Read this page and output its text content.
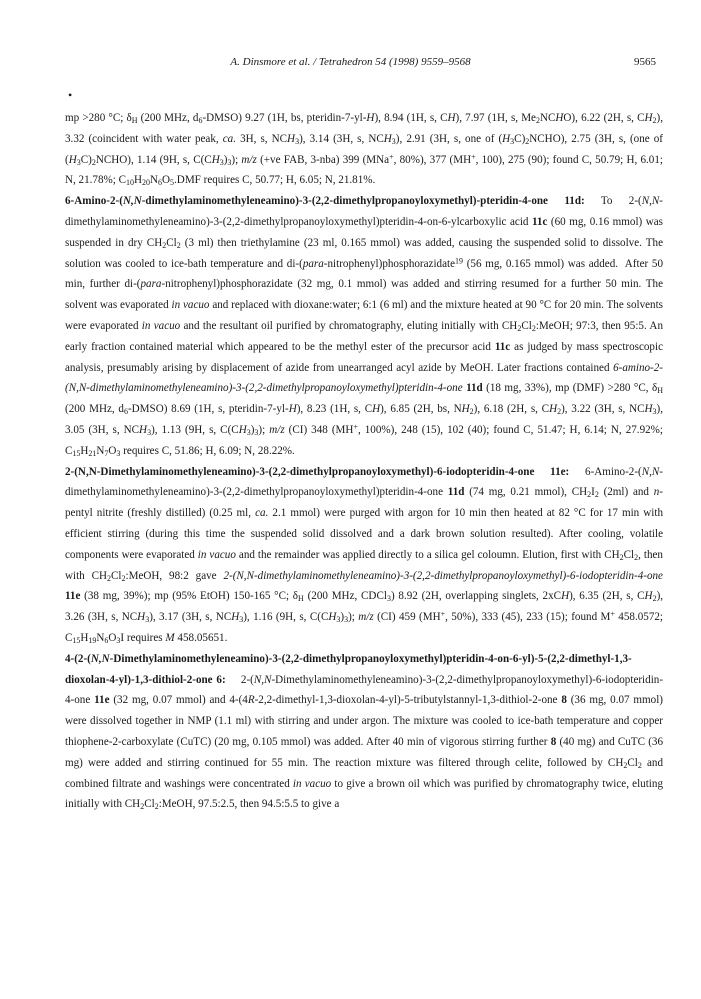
A. Dinsmore et al. / Tetrahedron 54 (1998) 9559–9568	9565
•

mp >280 °C; $\delta_H$ (200 MHz, $d_6-DMSO$) 9.27 (1H, bs, pteridin-7-yl-H), 8.94 (1H, s, CH), 7.97 (1H, s, $Me_2NCHO$), 6.22 (2H, s, $CH_2$), 3.32 (coincident with water peak, ca. 3H, s, $NCH_3$), 3.14 (3H, s, $NCH_3$), 2.91 (3H, s, one of $(H_3C)_2NCHO$), 2.75 (3H, s, (one of $(H_3C)_2NCHO$), 1.14 (9H, s, $C(CH_3)_3$); m/z (+ve FAB, 3-nba) 399 (MNa+, 80%), 377 (MH+, 100), 275 (90); found C, 50.79; H, 6.01; N, 21.78%; $C_{10}H_{20}N_6O_5.DMF$ requires C, 50.77; H, 6.05; N, 21.81%.

6-Amino-2-(N,N-dimethylaminomethyleneamino)-3-(2,2-dimethylpropanoyloxymethyl)-pteridin-4-one 11d: To 2-(N,N-dimethylaminomethyleneamino)-3-(2,2-dimethylpropanoyloxymethyl)pteridin-4-on-6-ylcarboxylic acid 11c (60 mg, 0.16 mmol) was suspended in dry $CH_2Cl_2$ (3 ml) then triethylamine (23 ml, 0.165 mmol) was added, causing the suspended solid to dissolve. The solution was cooled to ice-bath temperature and di-(para-nitrophenyl)phosphorazidate$^{19}$ (56 mg, 0.165 mmol) was added.  After 50 min, further di-(para-nitrophenyl)phosphorazidate (32 mg, 0.1 mmol) was added and stirring resumed for a further 50 min. The solvent was evaporated in vacuo and replaced with dioxane:water; 6:1 (6 ml) and the mixture heated at 90 °C for 20 min. The solvents were evaporated in vacuo and the resultant oil purified by chromatography, eluting initially with $CH_2Cl_2:MeOH$; 97:3, then 95:5. An early fraction contained material which appeared to be the methyl ester of the precursor acid 11c as judged by mass spectroscopic analysis, presumably arising by displacement of azide from unearranged acyl azide by MeOH. Later fractions contained 6-amino-2-(N,N-dimethylaminomethyleneamino)-3-(2,2-dimethylpropanoyloxymethyl)pteridin-4-one 11d (18 mg, 33%), mp (DMF) >280 °C, $\delta_H$ (200 MHz, $d_6-DMSO$) 8.69 (1H, s, pteridin-7-yl-H), 8.23 (1H, s, CH), 6.85 (2H, bs, $NH_2$), 6.18 (2H, s, $CH_2$), 3.22 (3H, s, $NCH_3$), 3.05 (3H, s, $NCH_3$), 1.13 (9H, s, $C(CH_3)_3$); m/z (CI) 348 (MH+, 100%), 248 (15), 102 (40); found C, 51.47; H, 6.14; N, 27.92%; $C_{15}H_{21}N_7O_3$ requires C, 51.86; H, 6.09; N, 28.22%.

2-(N,N-Dimethylaminomethyleneamino)-3-(2,2-dimethylpropanoyloxymethyl)-6-iodopteridin-4-one 11e: 6-Amino-2-(N,N-dimethylaminomethyleneamino)-3-(2,2-dimethylpropanoyloxymethyl)pteridin-4-one 11d (74 mg, 0.21 mmol), $CH_2I_2$ (2ml) and n-pentyl nitrite (freshly distilled) (0.25 ml, ca. 2.1 mmol) were purged with argon for 10 min then heated at 82 °C for 17 min with efficient stirring (during this time the suspended solid dissolved and a dark brown solution resulted). After cooling, volatile components were evaporated in vacuo and the remainder was applied directly to a silica gel coloumn. Elution, first with $CH_2Cl_2$, then with $CH_2Cl_2:MeOH$, 98:2 gave 2-(N,N-dimethylaminomethyleneamino)-3-(2,2-dimethylpropanoyloxymethyl)-6-iodopteridin-4-one 11e (38 mg, 39%); mp (95% EtOH) 150-165 °C; $\delta_H$ (200 MHz, CDCl$_3$) 8.92 (2H, overlapping singlets, 2xCH), 6.35 (2H, s, $CH_2$), 3.26 (3H, s, $NCH_3$), 3.17 (3H, s, $NCH_3$), 1.16 (9H, s, $C(CH_3)_3$); m/z (CI) 459 (MH+, 50%), 333 (45), 233 (15); found M+ 458.0572; $C_{15}H_{19}N_6O_3I$ requires M 458.05651.

4-(2-(N,N-Dimethylaminomethyleneamino)-3-(2,2-dimethylpropanoyloxymethyl)pteridin-4-on-6-yl)-5-(2,2-dimethyl-1,3-dioxolan-4-yl)-1,3-dithiol-2-one 6:    2-(N,N-Dimethylaminomethyleneamino)-3-(2,2-dimethylpropanoyloxymethyl)-6-iodopteridin-4-one 11e (32 mg, 0.07 mmol) and 4-(4R-2,2-dimethyl-1,3-dioxolan-4-yl)-5-tributylstannyl-1,3-dithiol-2-one 8 (36 mg, 0.07 mmol) were dissolved together in NMP (1.1 ml) with stirring and under argon. The mixture was cooled to ice-bath temperature and copper thiophene-2-carboxylate (CuTC) (20 mg, 0.105 mmol) was added. After 40 min of vigorous stirring further 8 (40 mg) and CuTC (36 mg) were added and stirring continued for 55 min. The reaction mixture was filtered through celite, followed by $CH_2Cl_2$ and combined filtrate and washings were concentrated in vacuo to give a brown oil which was purified by chromatography twice, eluting initially with $CH_2Cl_2:MeOH$, 97.5:2.5, then 94.5:5.5 to give a
